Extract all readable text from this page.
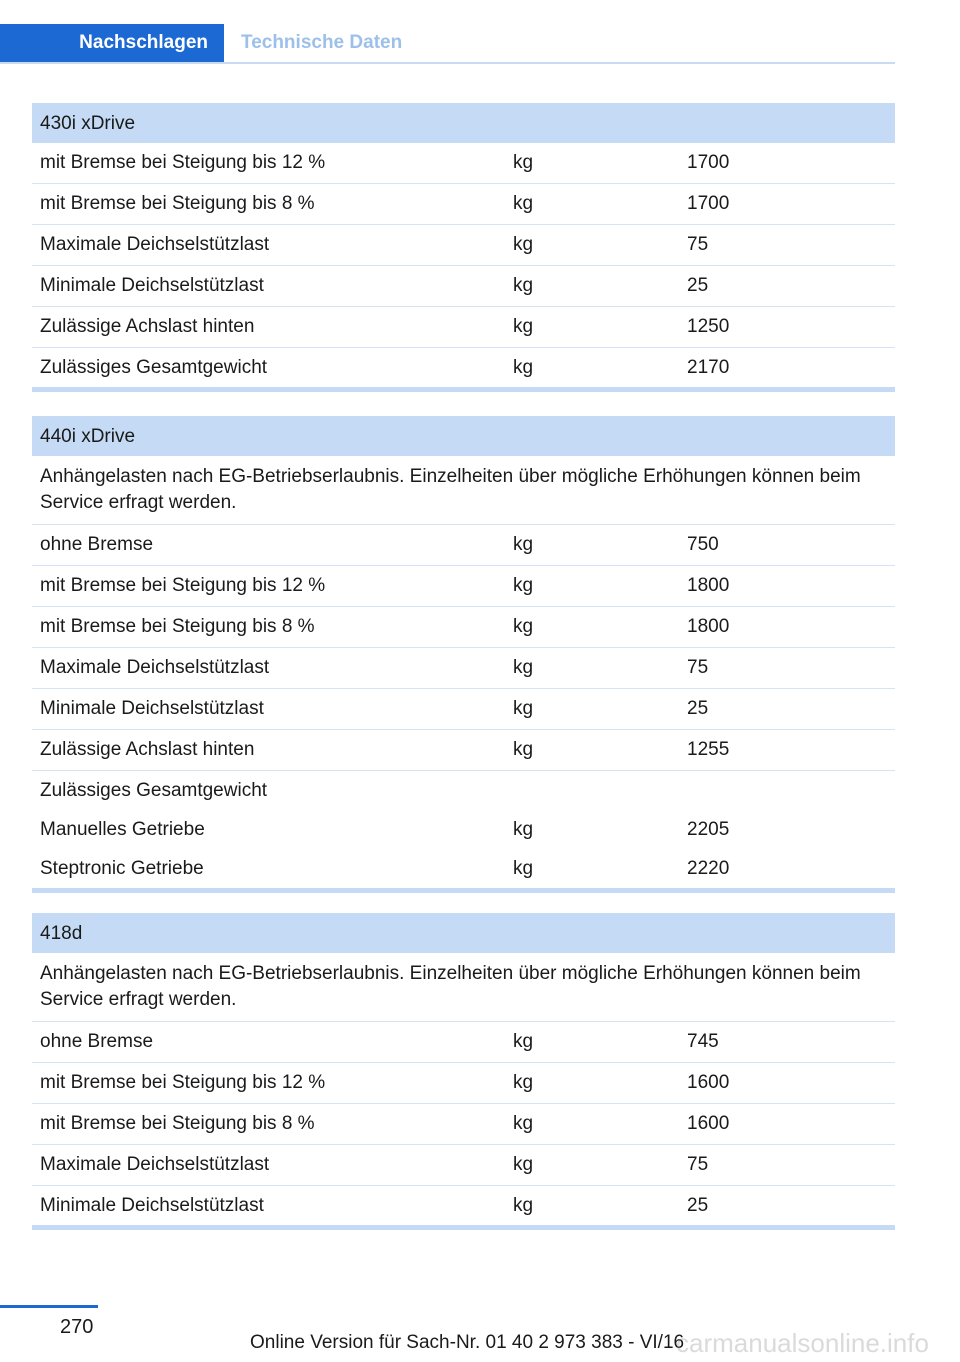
Nachschlagen	Technische Daten
430i xDrive
mit Bremse bei Steigung bis 12 %	kg	1700
mit Bremse bei Steigung bis 8 %	kg	1700
Maximale Deichselstützlast	kg	75
Minimale Deichselstützlast	kg	25
Zulässige Achslast hinten	kg	1250
Zulässiges Gesamtgewicht	kg	2170
440i xDrive
Anhängelasten nach EG-Betriebserlaubnis. Einzelheiten über mögliche Erhöhungen können beim Service erfragt werden.
ohne Bremse	kg	750
mit Bremse bei Steigung bis 12 %	kg	1800
mit Bremse bei Steigung bis 8 %	kg	1800
Maximale Deichselstützlast	kg	75
Minimale Deichselstützlast	kg	25
Zulässige Achslast hinten	kg	1255
Zulässiges Gesamtgewicht
Manuelles Getriebe	kg	2205
Steptronic Getriebe	kg	2220
418d
Anhängelasten nach EG-Betriebserlaubnis. Einzelheiten über mögliche Erhöhungen können beim Service erfragt werden.
ohne Bremse	kg	745
mit Bremse bei Steigung bis 12 %	kg	1600
mit Bremse bei Steigung bis 8 %	kg	1600
Maximale Deichselstützlast	kg	75
Minimale Deichselstützlast	kg	25
270
Online Version für Sach-Nr. 01 40 2 973 383 - VI/16
carmanualsonline.info
